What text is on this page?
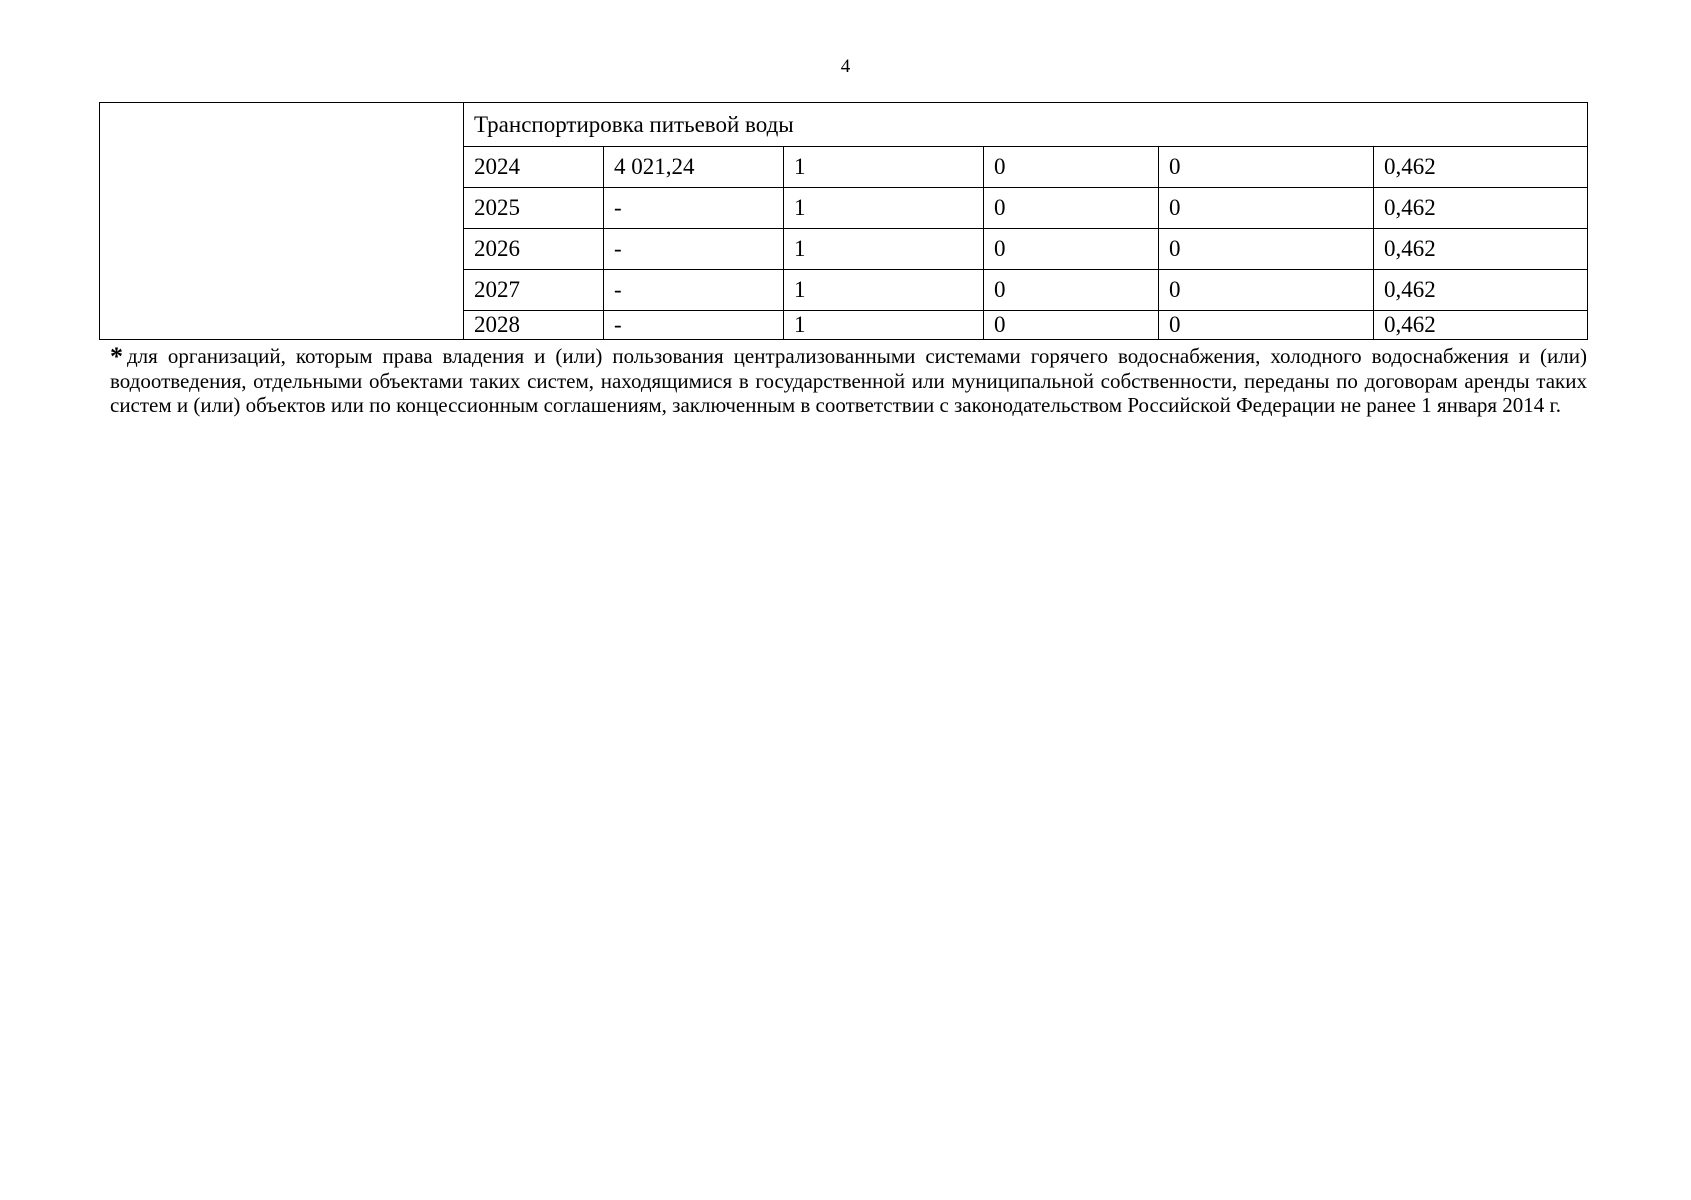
4
	Транспортировка питьевой воды					
	2024	4 021,24	1	0	0	0,462
	2025	-	1	0	0	0,462
	2026	-	1	0	0	0,462
	2027	-	1	0	0	0,462
	2028	-	1	0	0	0,462
* для организаций, которым права владения и (или) пользования централизованными системами горячего водоснабжения, холодного водоснабжения и (или) водоотведения, отдельными объектами таких систем, находящимися в государственной или муниципальной собственности, переданы по договорам аренды таких систем и (или) объектов или по концессионным соглашениям, заключенным в соответствии с законодательством Российской Федерации не ранее 1 января 2014 г.
